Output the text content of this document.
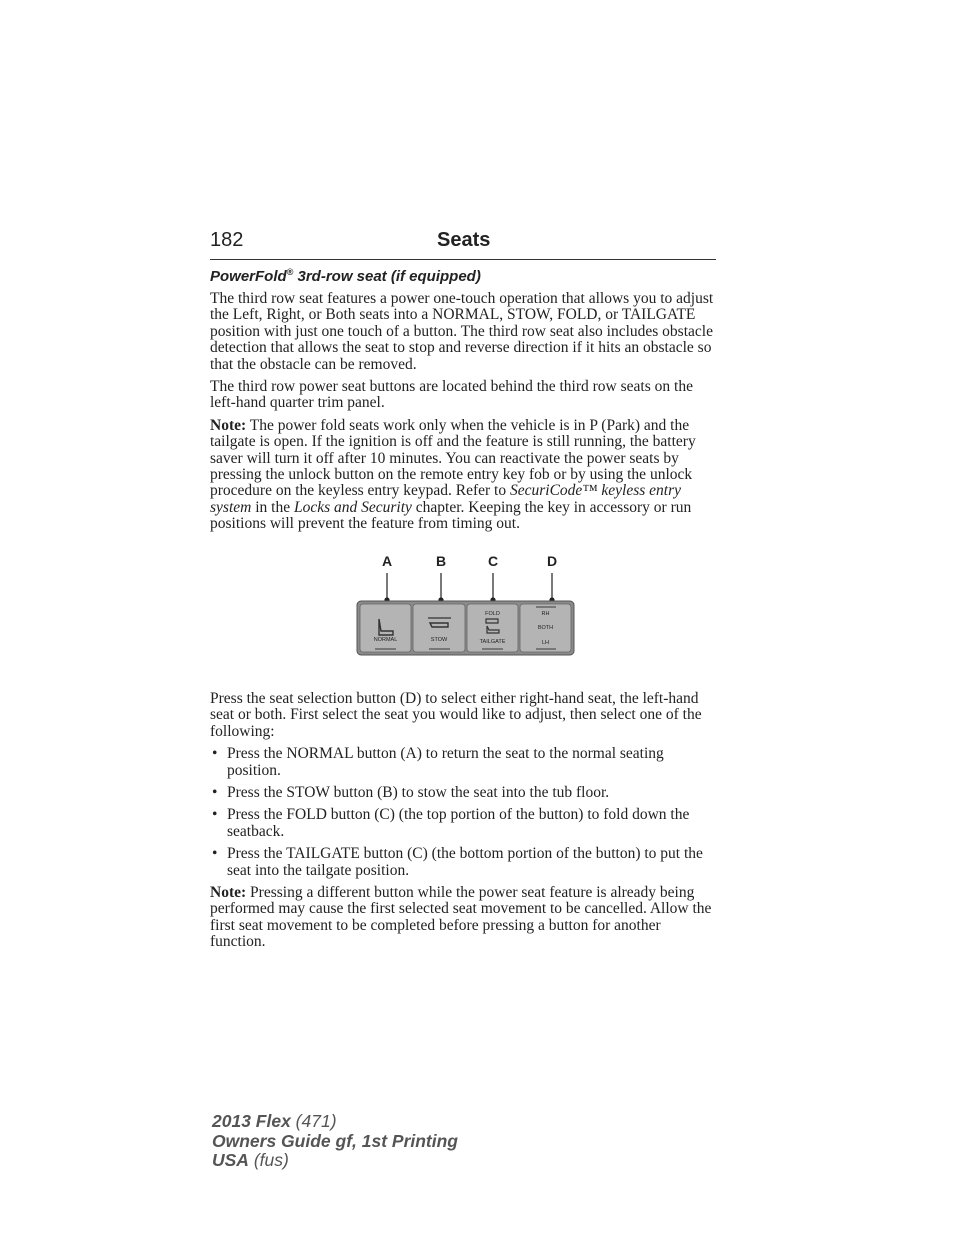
182	Seats
PowerFold® 3rd-row seat (if equipped)

The third row seat features a power one-touch operation that allows you to adjust the Left, Right, or Both seats into a NORMAL, STOW, FOLD, or TAILGATE position with just one touch of a button. The third row seat also includes obstacle detection that allows the seat to stop and reverse direction if it hits an obstacle so that the obstacle can be removed.

The third row power seat buttons are located behind the third row seats on the left-hand quarter trim panel.

Note: The power fold seats work only when the vehicle is in P (Park) and the tailgate is open. If the ignition is off and the feature is still running, the battery saver will turn it off after 10 minutes. You can reactivate the power seats by pressing the unlock button on the remote entry key fob or by using the unlock procedure on the keyless entry keypad. Refer to SecuriCode™ keyless entry system in the Locks and Security chapter. Keeping the key in accessory or run positions will prevent the feature from timing out.

A	B	C	D
NORMAL	STOW
FOLD
TAILGATE
RH
BOTH
LH

Press the seat selection button (D) to select either right-hand seat, the left-hand seat or both. First select the seat you would like to adjust, then select one of the following:

• Press the NORMAL button (A) to return the seat to the normal seating position.
• Press the STOW button (B) to stow the seat into the tub floor.
• Press the FOLD button (C) (the top portion of the button) to fold down the seatback.
• Press the TAILGATE button (C) (the bottom portion of the button) to put the seat into the tailgate position.

Note: Pressing a different button while the power seat feature is already being performed may cause the first selected seat movement to be cancelled. Allow the first seat movement to be completed before pressing a button for another function.

2013 Flex (471)
Owners Guide gf, 1st Printing
USA (fus)
